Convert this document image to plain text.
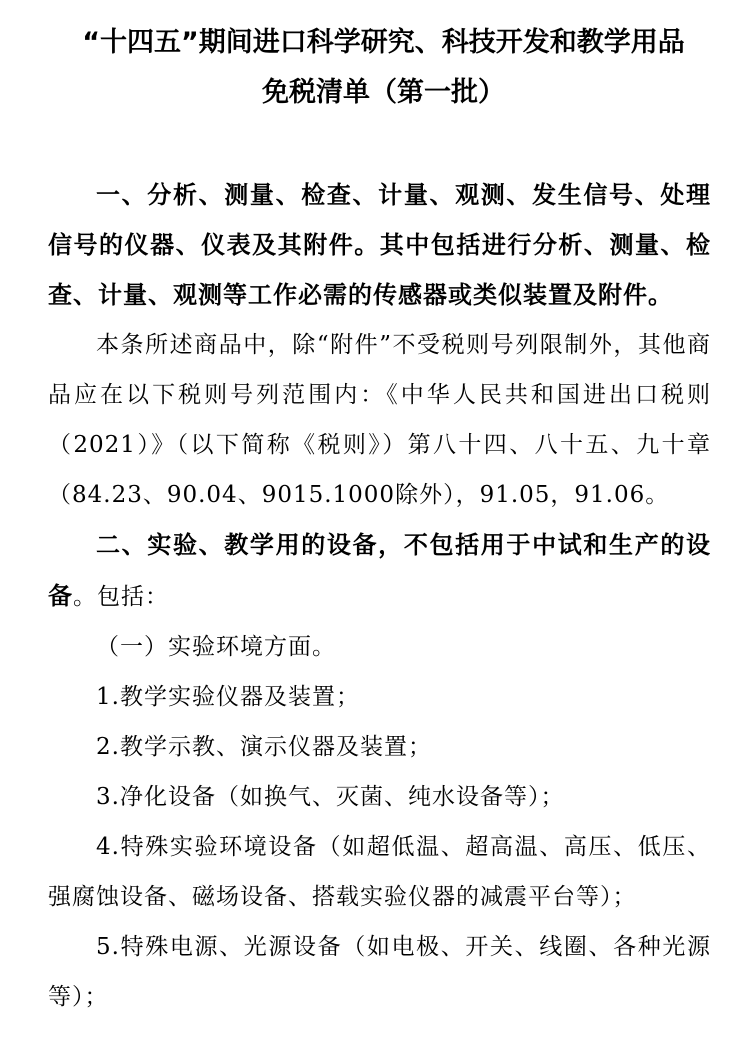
“十四五”期间进口科学研究、科技开发和教学用品
免税清单（第一批）

一、分析、测量、检查、计量、观测、发生信号、处理信号的仪器、仪表及其附件。其中包括进行分析、测量、检查、计量、观测等工作必需的传感器或类似装置及附件。

本条所述商品中，除“附件”不受税则号列限制外，其他商品应在以下税则号列范围内：《中华人民共和国进出口税则（2021）》（以下简称《税则》）第八十四、八十五、九十章（84.23、90.04、9015.1000除外），91.05，91.06。

二、实验、教学用的设备，不包括用于中试和生产的设备。包括：

（一）实验环境方面。

1.教学实验仪器及装置；

2.教学示教、演示仪器及装置；

3.净化设备（如换气、灭菌、纯水设备等）；

4.特殊实验环境设备（如超低温、超高温、高压、低压、强腐蚀设备、磁场设备、搭载实验仪器的减震平台等）；

5.特殊电源、光源设备（如电极、开关、线圈、各种光源等）；
